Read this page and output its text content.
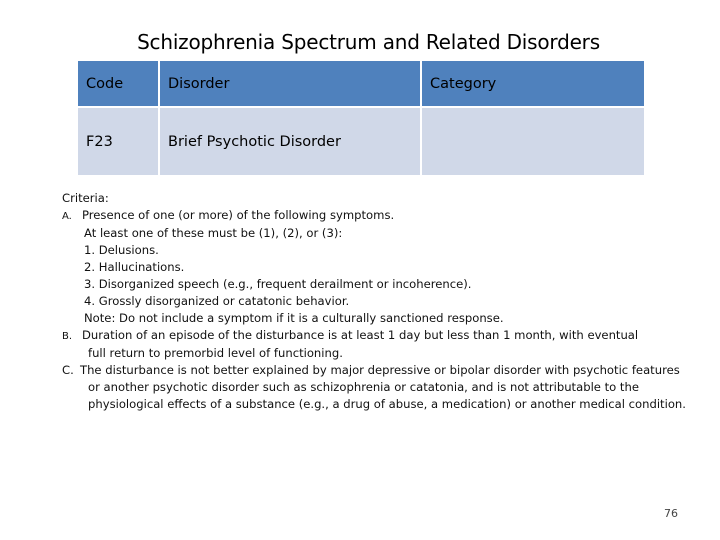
Schizophrenia Spectrum and Related Disorders
Code	Disorder	Category
F23	Brief Psychotic Disorder	
Criteria:
A. Presence of one (or more) of the following symptoms.
At least one of these must be (1), (2), or (3):
1. Delusions.
2. Hallucinations.
3. Disorganized speech (e.g., frequent derailment or incoherence).
4. Grossly disorganized or catatonic behavior.
Note: Do not include a symptom if it is a culturally sanctioned response.
B. Duration of an episode of the disturbance is at least 1 day but less than 1 month, with eventual
full return to premorbid level of functioning.
C. The disturbance is not better explained by major depressive or bipolar disorder with psychotic features
or another psychotic disorder such as schizophrenia or catatonia, and is not attributable to the
physiological effects of a substance (e.g., a drug of abuse, a medication) or another medical condition.
76
